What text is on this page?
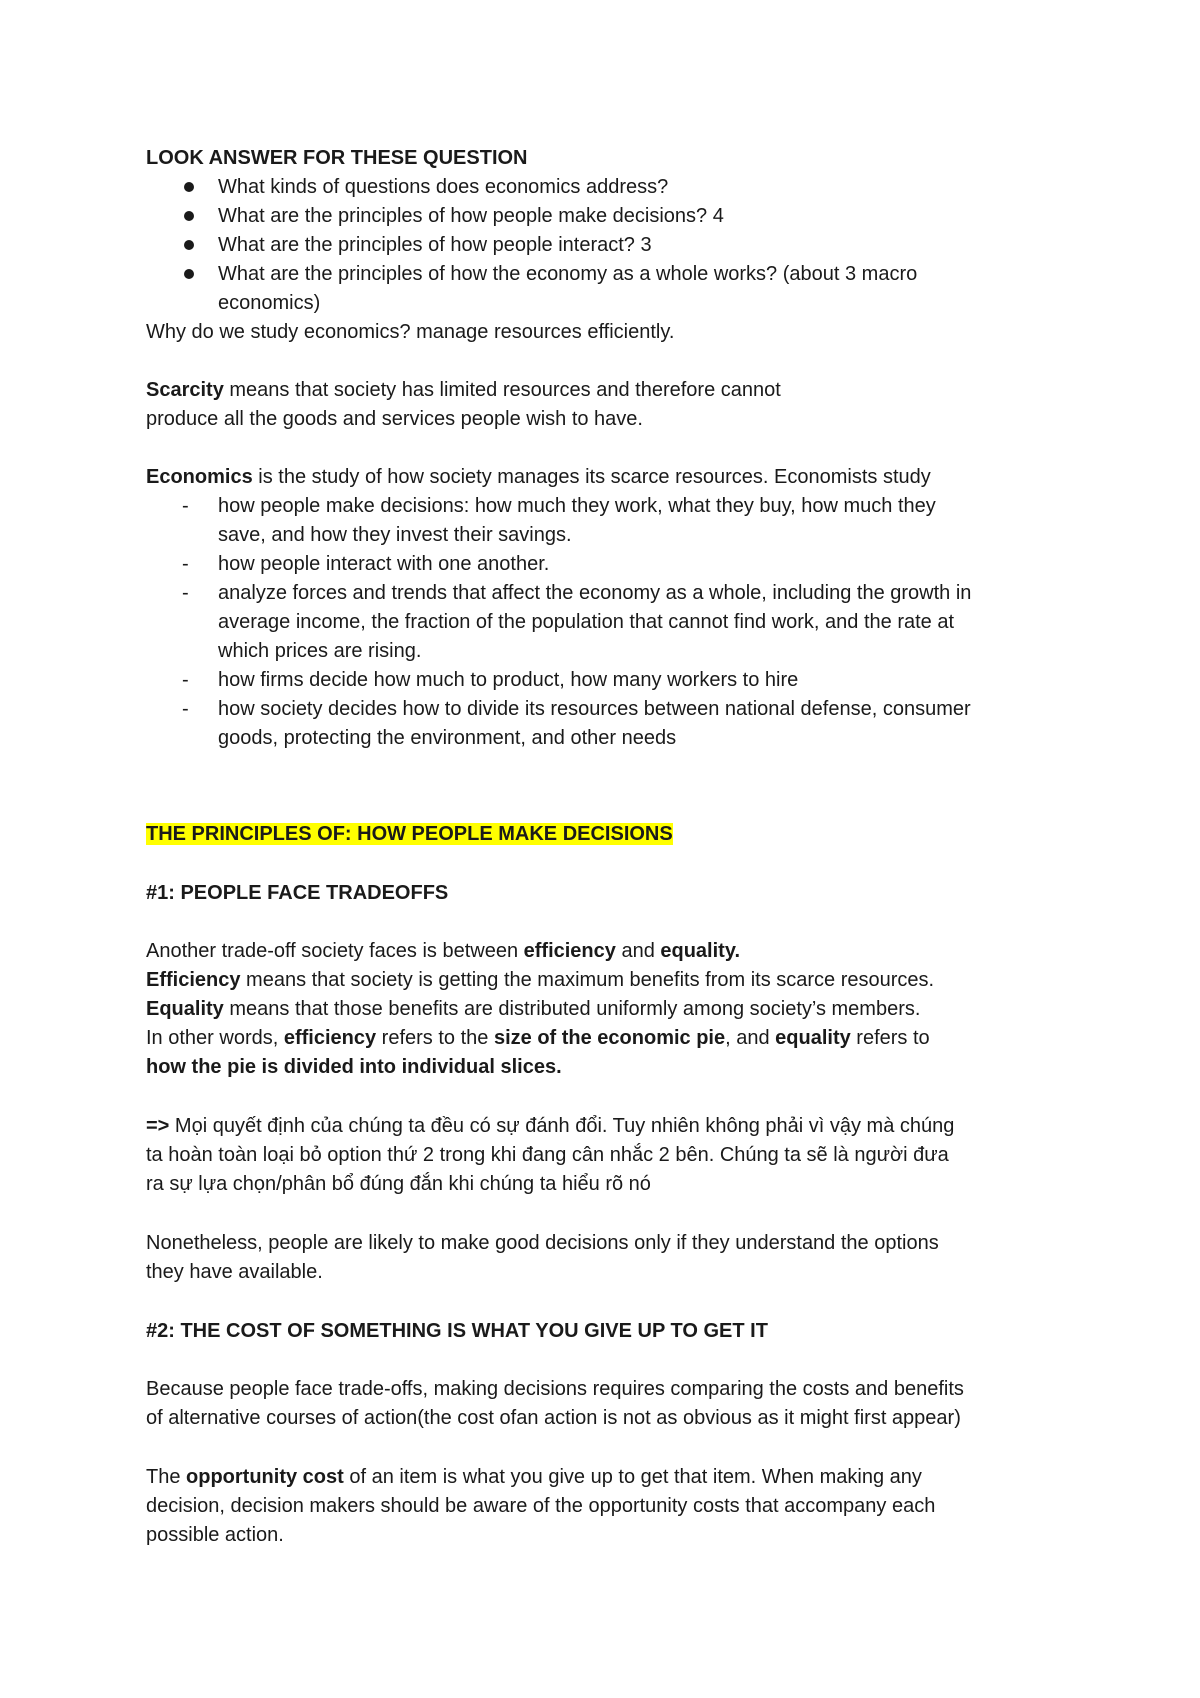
LOOK ANSWER FOR THESE QUESTION
What kinds of questions does economics address?
What are the principles of how people make decisions? 4
What are the principles of how people interact? 3
What are the principles of how the economy as a whole works? (about 3 macro
economics)
Why do we study economics? manage resources efficiently.
Scarcity means that society has limited resources and therefore cannot
produce all the goods and services people wish to have.
Economics is the study of how society manages its scarce resources. Economists study
- how people make decisions: how much they work, what they buy, how much they
save, and how they invest their savings.
- how people interact with one another.
- analyze forces and trends that affect the economy as a whole, including the growth in
average income, the fraction of the population that cannot find work, and the rate at
which prices are rising.
- how firms decide how much to product, how many workers to hire
- how society decides how to divide its resources between national defense, consumer
goods, protecting the environment, and other needs
THE PRINCIPLES OF: HOW PEOPLE MAKE DECISIONS
#1: PEOPLE FACE TRADEOFFS
Another trade-off society faces is between efficiency and equality.
Efficiency means that society is getting the maximum benefits from its scarce resources.
Equality means that those benefits are distributed uniformly among society’s members.
In other words, efficiency refers to the size of the economic pie, and equality refers to
how the pie is divided into individual slices.
=> Mọi quyết định của chúng ta đều có sự đánh đổi. Tuy nhiên không phải vì vậy mà chúng
ta hoàn toàn loại bỏ option thứ 2 trong khi đang cân nhắc 2 bên. Chúng ta sẽ là người đưa
ra sự lựa chọn/phân bổ đúng đắn khi chúng ta hiểu rõ nó
Nonetheless, people are likely to make good decisions only if they understand the options
they have available.
#2: THE COST OF SOMETHING IS WHAT YOU GIVE UP TO GET IT
Because people face trade-offs, making decisions requires comparing the costs and benefits
of alternative courses of action(the cost ofan action is not as obvious as it might first appear)
The opportunity cost of an item is what you give up to get that item. When making any
decision, decision makers should be aware of the opportunity costs that accompany each
possible action.
